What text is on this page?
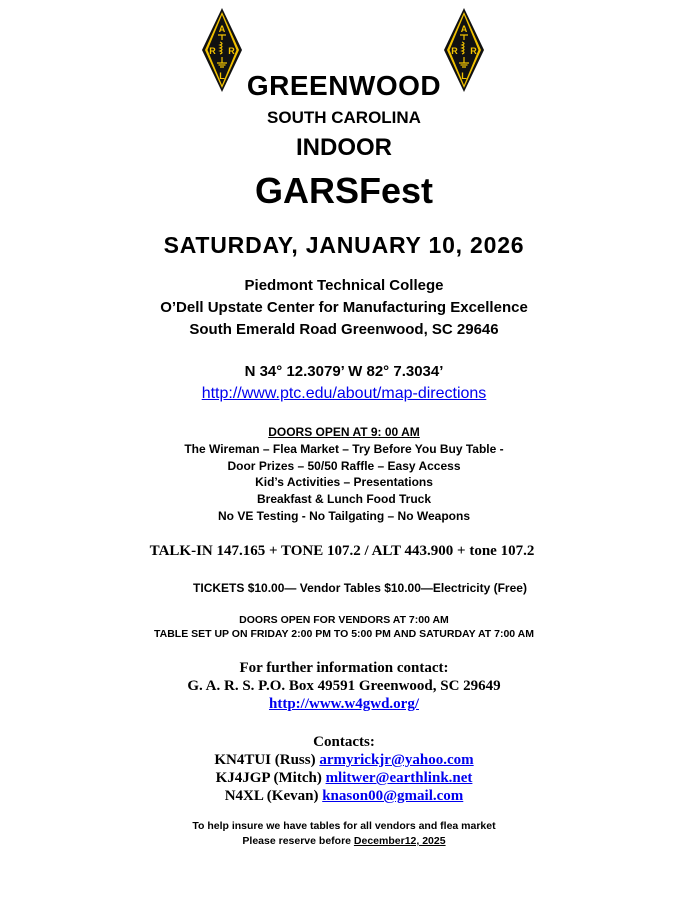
A
R R
L
A
R R
L
GREENWOOD
SOUTH CAROLINA
INDOOR
GARSFest
SATURDAY, JANUARY 10, 2026
Piedmont Technical College
O’Dell Upstate Center for Manufacturing Excellence
South Emerald Road Greenwood, SC 29646
N 34° 12.3079’ W 82° 7.3034’
http://www.ptc.edu/about/map-directions
DOORS OPEN AT 9: 00 AM
The Wireman – Flea Market – Try Before You Buy Table -
Door Prizes – 50/50 Raffle – Easy Access
Kid’s Activities – Presentations
Breakfast & Lunch Food Truck
No VE Testing - No Tailgating – No Weapons
TALK-IN 147.165 + TONE 107.2 / ALT 443.900 + tone 107.2
TICKETS $10.00— Vendor Tables $10.00—Electricity (Free)
DOORS OPEN FOR VENDORS AT 7:00 AM
TABLE SET UP ON FRIDAY 2:00 PM TO 5:00 PM AND SATURDAY AT 7:00 AM
For further information contact:
G. A. R. S. P.O. Box 49591 Greenwood, SC 29649
http://www.w4gwd.org/
Contacts:
KN4TUI (Russ) armyrickjr@yahoo.com
KJ4JGP (Mitch) mlitwer@earthlink.net
N4XL (Kevan) knason00@gmail.com
To help insure we have tables for all vendors and flea market
Please reserve before December12, 2025
